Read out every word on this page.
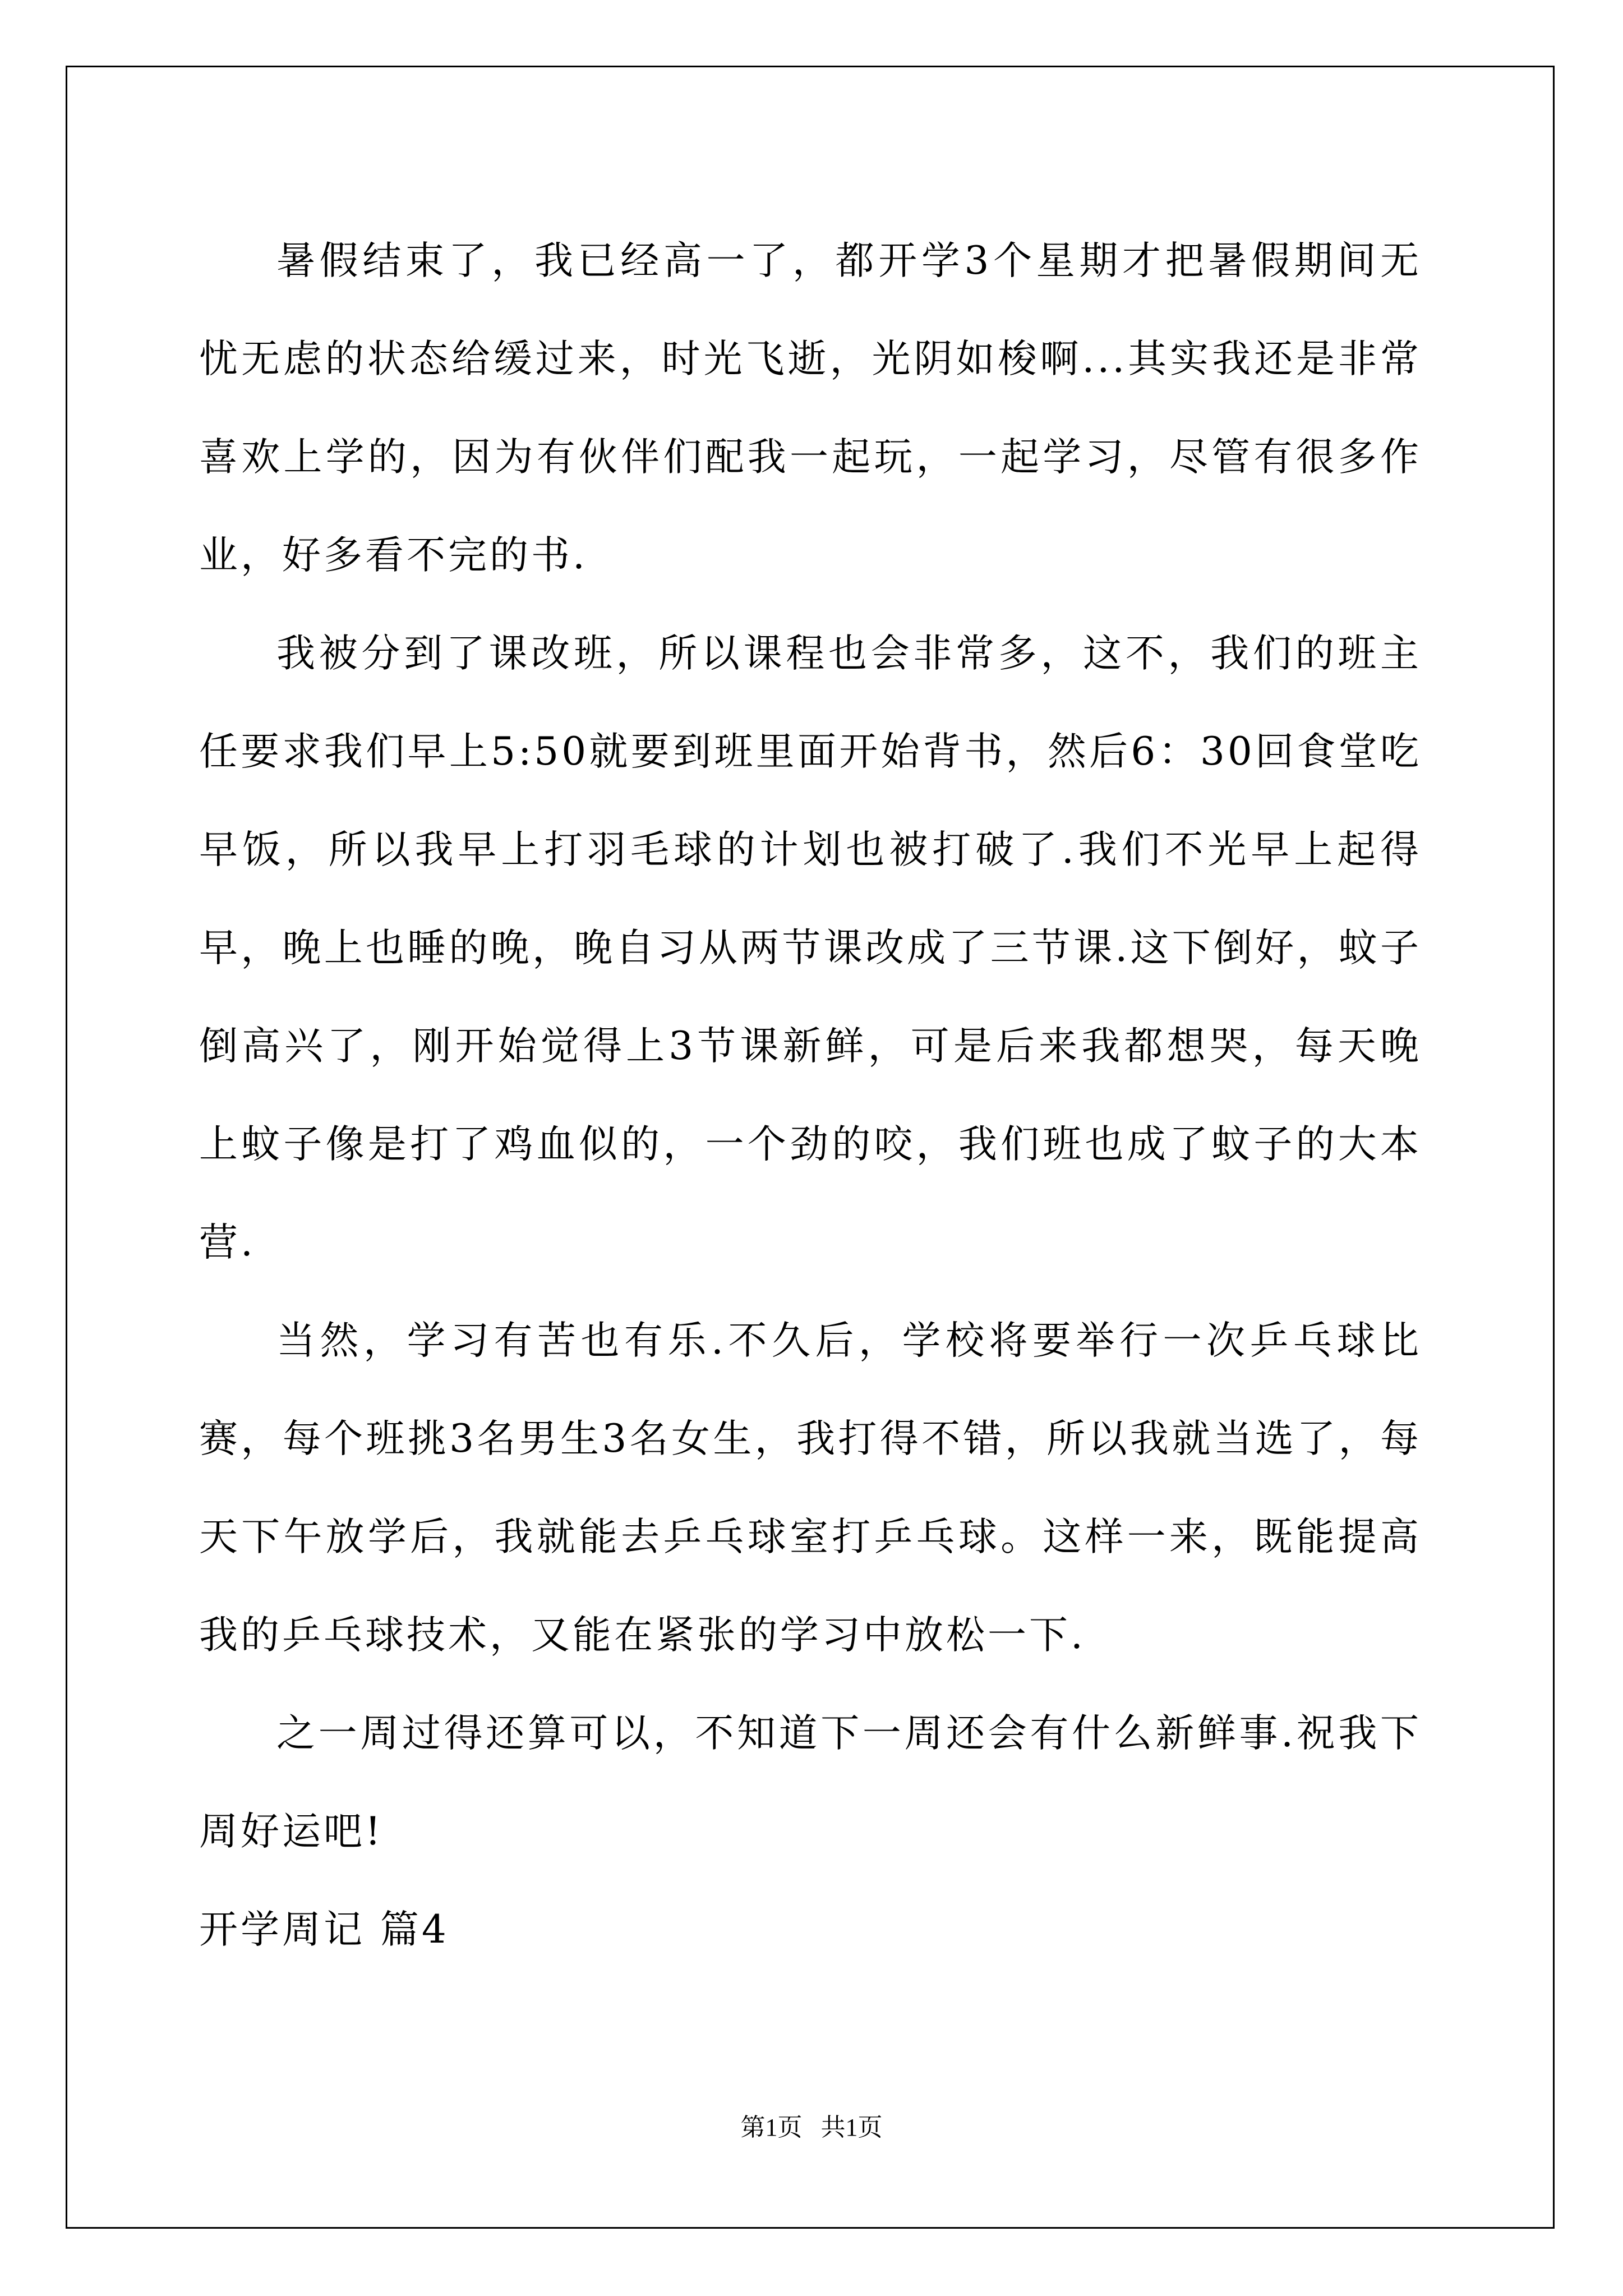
暑假结束了，我已经高一了，都开学3个星期才把暑假期间无忧无虑的状态给缓过来，时光飞逝，光阴如梭啊...其实我还是非常喜欢上学的，因为有伙伴们配我一起玩，一起学习，尽管有很多作业，好多看不完的书.

我被分到了课改班，所以课程也会非常多，这不，我们的班主任要求我们早上5:50就要到班里面开始背书，然后6：30回食堂吃早饭，所以我早上打羽毛球的计划也被打破了.我们不光早上起得早，晚上也睡的晚，晚自习从两节课改成了三节课.这下倒好，蚊子倒高兴了，刚开始觉得上3节课新鲜，可是后来我都想哭，每天晚上蚊子像是打了鸡血似的，一个劲的咬，我们班也成了蚊子的大本营.

当然，学习有苦也有乐.不久后，学校将要举行一次乒乓球比赛，每个班挑3名男生3名女生，我打得不错，所以我就当选了，每天下午放学后，我就能去乒乓球室打乒乓球。这样一来，既能提高我的乒乓球技术，又能在紧张的学习中放松一下.

之一周过得还算可以，不知道下一周还会有什么新鲜事.祝我下周好运吧!

开学周记 篇4

第1页 共1页
